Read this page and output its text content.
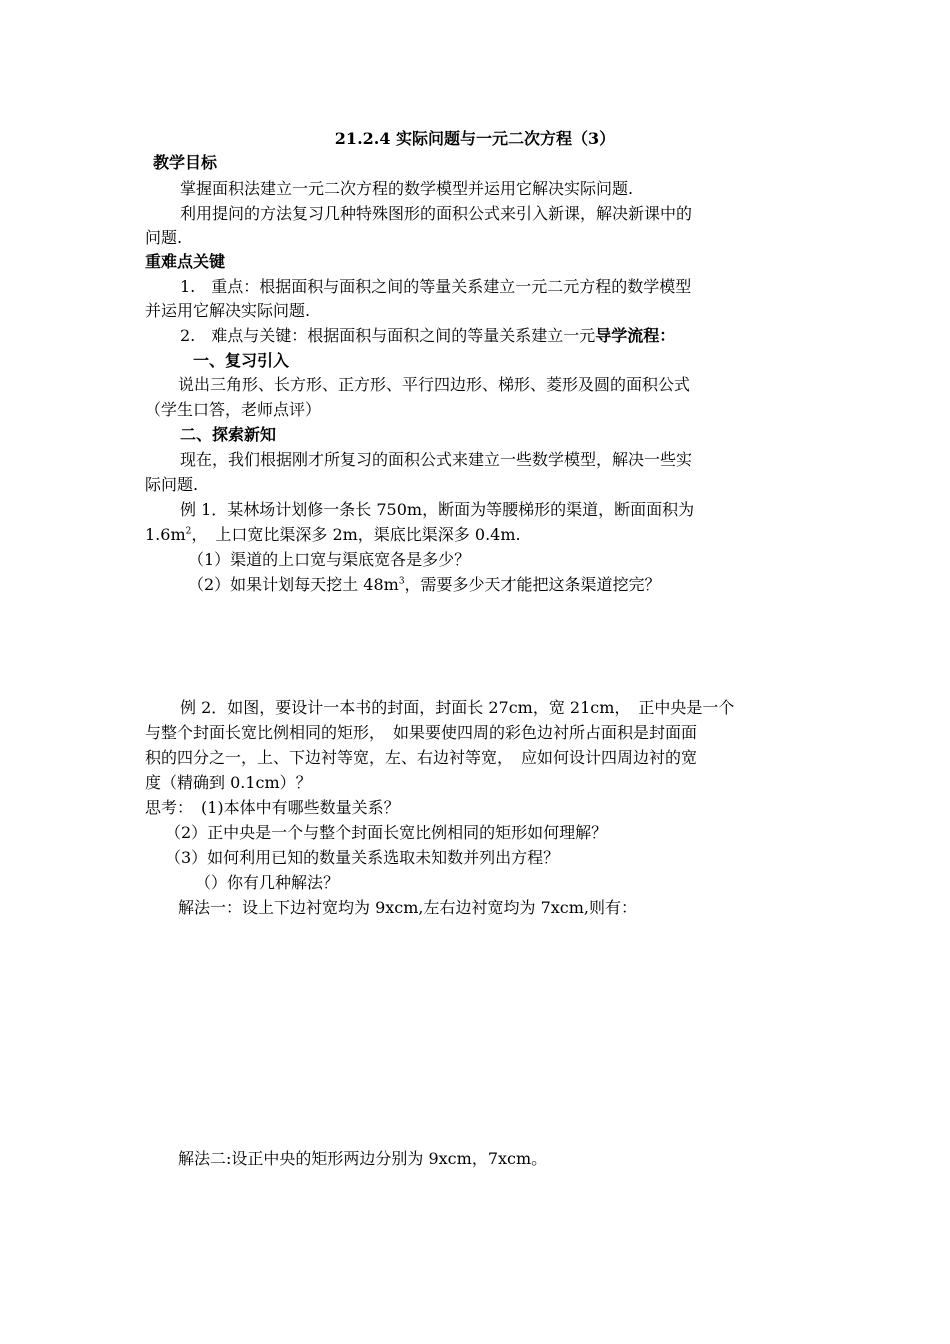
21.2.4 实际问题与一元二次方程（3）
教学目标
掌握面积法建立一元二次方程的数学模型并运用它解决实际问题.
利用提问的方法复习几种特殊图形的面积公式来引入新课，解决新课中的
问题.
重难点关键
1.　重点：根据面积与面积之间的等量关系建立一元二元方程的数学模型
并运用它解决实际问题.
2.　难点与关键：根据面积与面积之间的等量关系建立一元导学流程：
一、复习引入
说出三角形、长方形、正方形、平行四边形、梯形、菱形及圆的面积公式
（学生口答，老师点评）
二、探索新知
现在，我们根据刚才所复习的面积公式来建立一些数学模型，解决一些实
际问题.
例 1．某林场计划修一条长 750m，断面为等腰梯形的渠道，断面面积为
$1.6m^2$，　上口宽比渠深多 2m，渠底比渠深多 0.4m.
（1）渠道的上口宽与渠底宽各是多少？
（2）如果计划每天挖土 $48m^3$，需要多少天才能把这条渠道挖完？
例 2．如图，要设计一本书的封面，封面长 27cm，宽 21cm，　正中央是一个
与整个封面长宽比例相同的矩形，　如果要使四周的彩色边衬所占面积是封面面
积的四分之一，上、下边衬等宽，左、右边衬等宽，　应如何设计四周边衬的宽
度（精确到 0.1cm）？
思考：　(1)本体中有哪些数量关系？
（2）正中央是一个与整个封面长宽比例相同的矩形如何理解？
（3）如何利用已知的数量关系选取未知数并列出方程？
（）你有几种解法？
解法一：设上下边衬宽均为 9xcm,左右边衬宽均为 7xcm,则有：
解法二:设正中央的矩形两边分别为 9xcm，7xcm。
